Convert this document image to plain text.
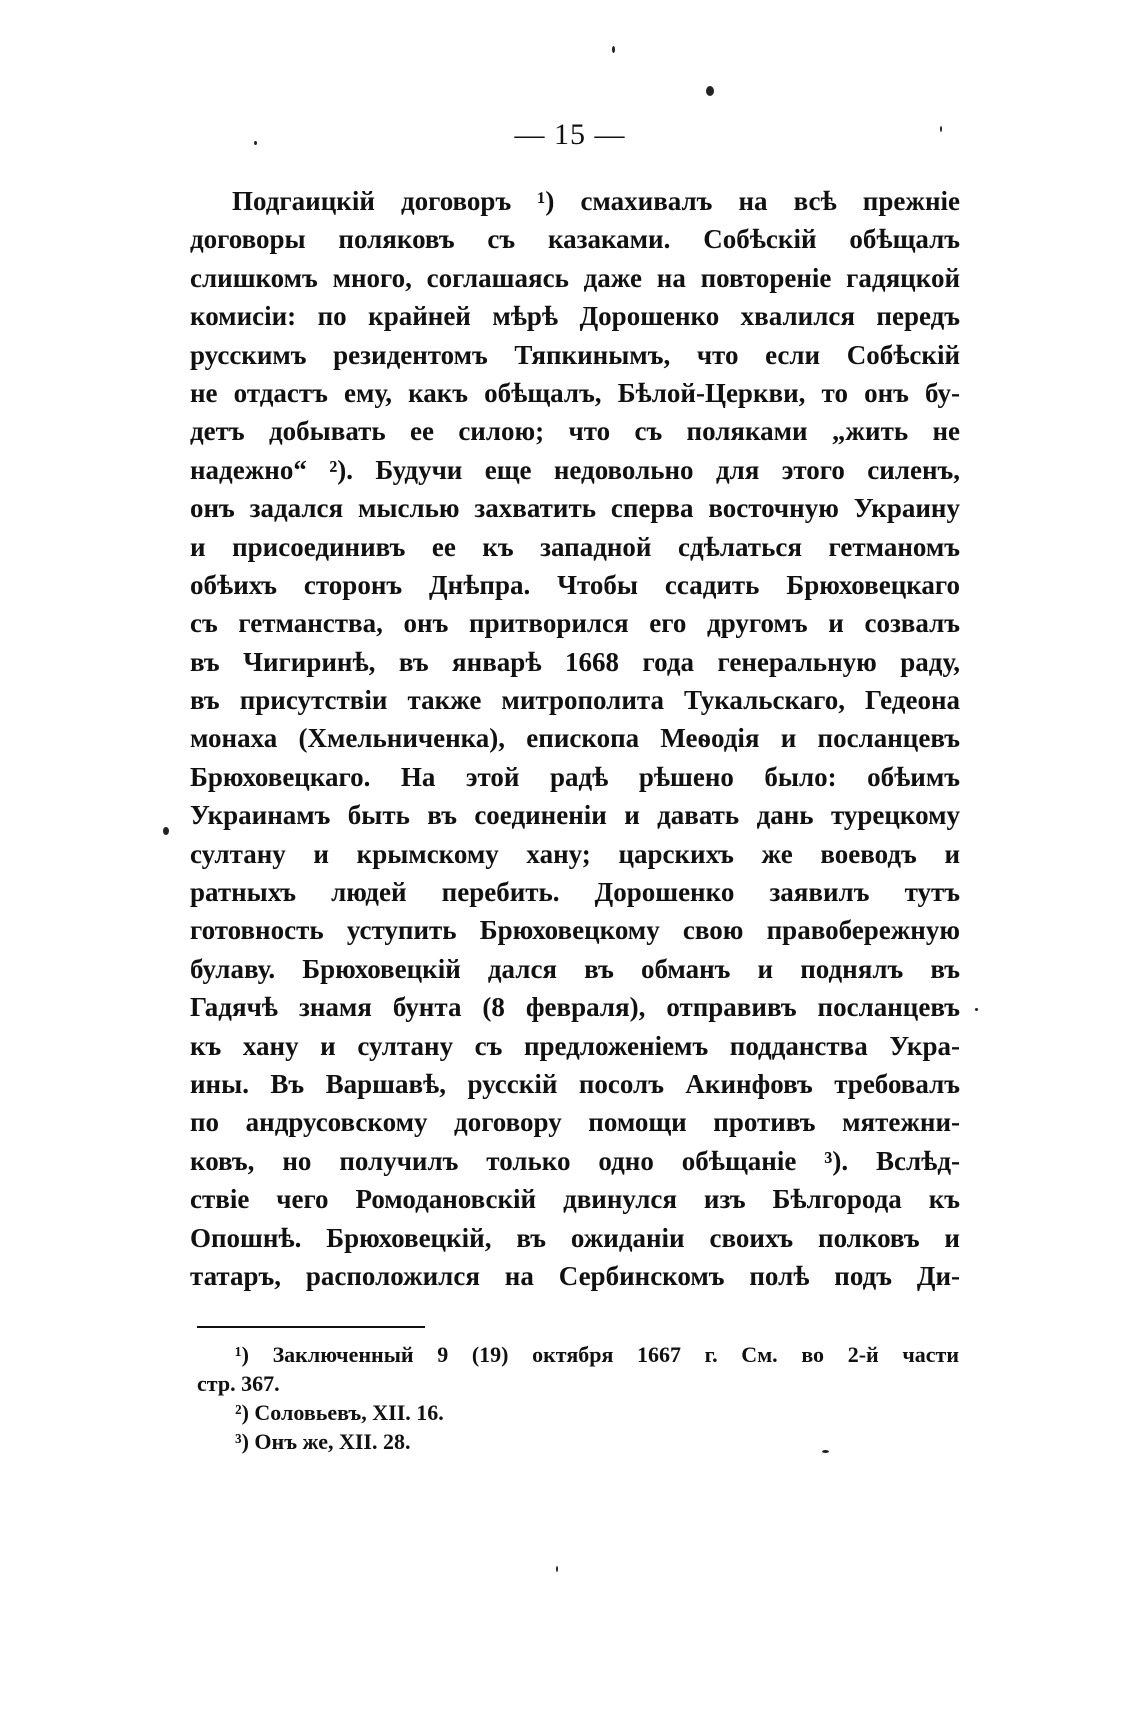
— 15 —
Подгаицкій договоръ ¹) смахивалъ на всѣ прежніе
договоры поляковъ съ казаками. Собѣскій обѣщалъ
слишкомъ много, соглашаясь даже на повтореніе гадяцкой
комисіи: по крайней мѣрѣ Дорошенко хвалился передъ
русскимъ резидентомъ Тяпкинымъ, что если Собѣскій
не отдастъ ему, какъ обѣщалъ, Бѣлой-Церкви, то онъ бу-
детъ добывать ее силою; что съ поляками „жить не
надежно“ ²). Будучи еще недовольно для этого силенъ,
онъ задался мыслью захватить сперва восточную Украину
и присоединивъ ее къ западной сдѣлаться гетманомъ
обѣихъ сторонъ Днѣпра. Чтобы ссадить Брюховецкаго
съ гетманства, онъ притворился его другомъ и созвалъ
въ Чигиринѣ, въ январѣ 1668 года генеральную раду,
въ присутствіи также митрополита Тукальскаго, Гедеона
монаха (Хмельниченка), епископа Меѳодія и посланцевъ
Брюховецкаго. На этой радѣ рѣшено было: обѣимъ
Украинамъ быть въ соединеніи и давать дань турецкому
султану и крымскому хану; царскихъ же воеводъ и
ратныхъ людей перебить. Дорошенко заявилъ тутъ
готовность уступить Брюховецкому свою правобережную
булаву. Брюховецкій дался въ обманъ и поднялъ въ
Гадячѣ знамя бунта (8 февраля), отправивъ посланцевъ
къ хану и султану съ предложеніемъ подданства Укра-
ины. Въ Варшавѣ, русскій посолъ Акинфовъ требовалъ
по андрусовскому договору помощи противъ мятежни-
ковъ, но получилъ только одно обѣщаніе ³). Вслѣд-
ствіе чего Ромодановскій двинулся изъ Бѣлгорода къ
Опошнѣ. Брюховецкій, въ ожиданіи своихъ полковъ и
татаръ, расположился на Сербинскомъ полѣ подъ Ди-
¹) Заключенный 9 (19) октября 1667 г. См. во 2-й части
стр. 367.
²) Соловьевъ, XII. 16.
³) Онъ же, XII. 28.
